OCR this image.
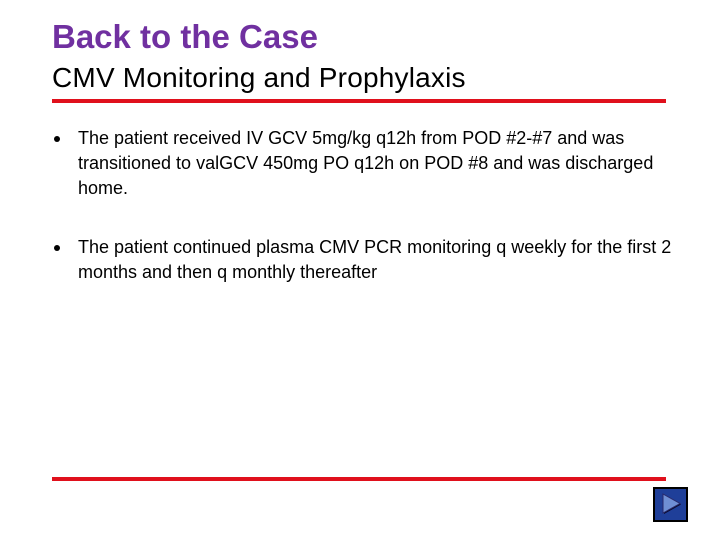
Back to the Case
CMV Monitoring and Prophylaxis
The patient received IV GCV 5mg/kg q12h from POD #2-#7 and was transitioned to valGCV 450mg PO q12h on POD #8 and was discharged home.
The patient continued plasma CMV PCR monitoring q weekly for the first 2 months and then q monthly thereafter
